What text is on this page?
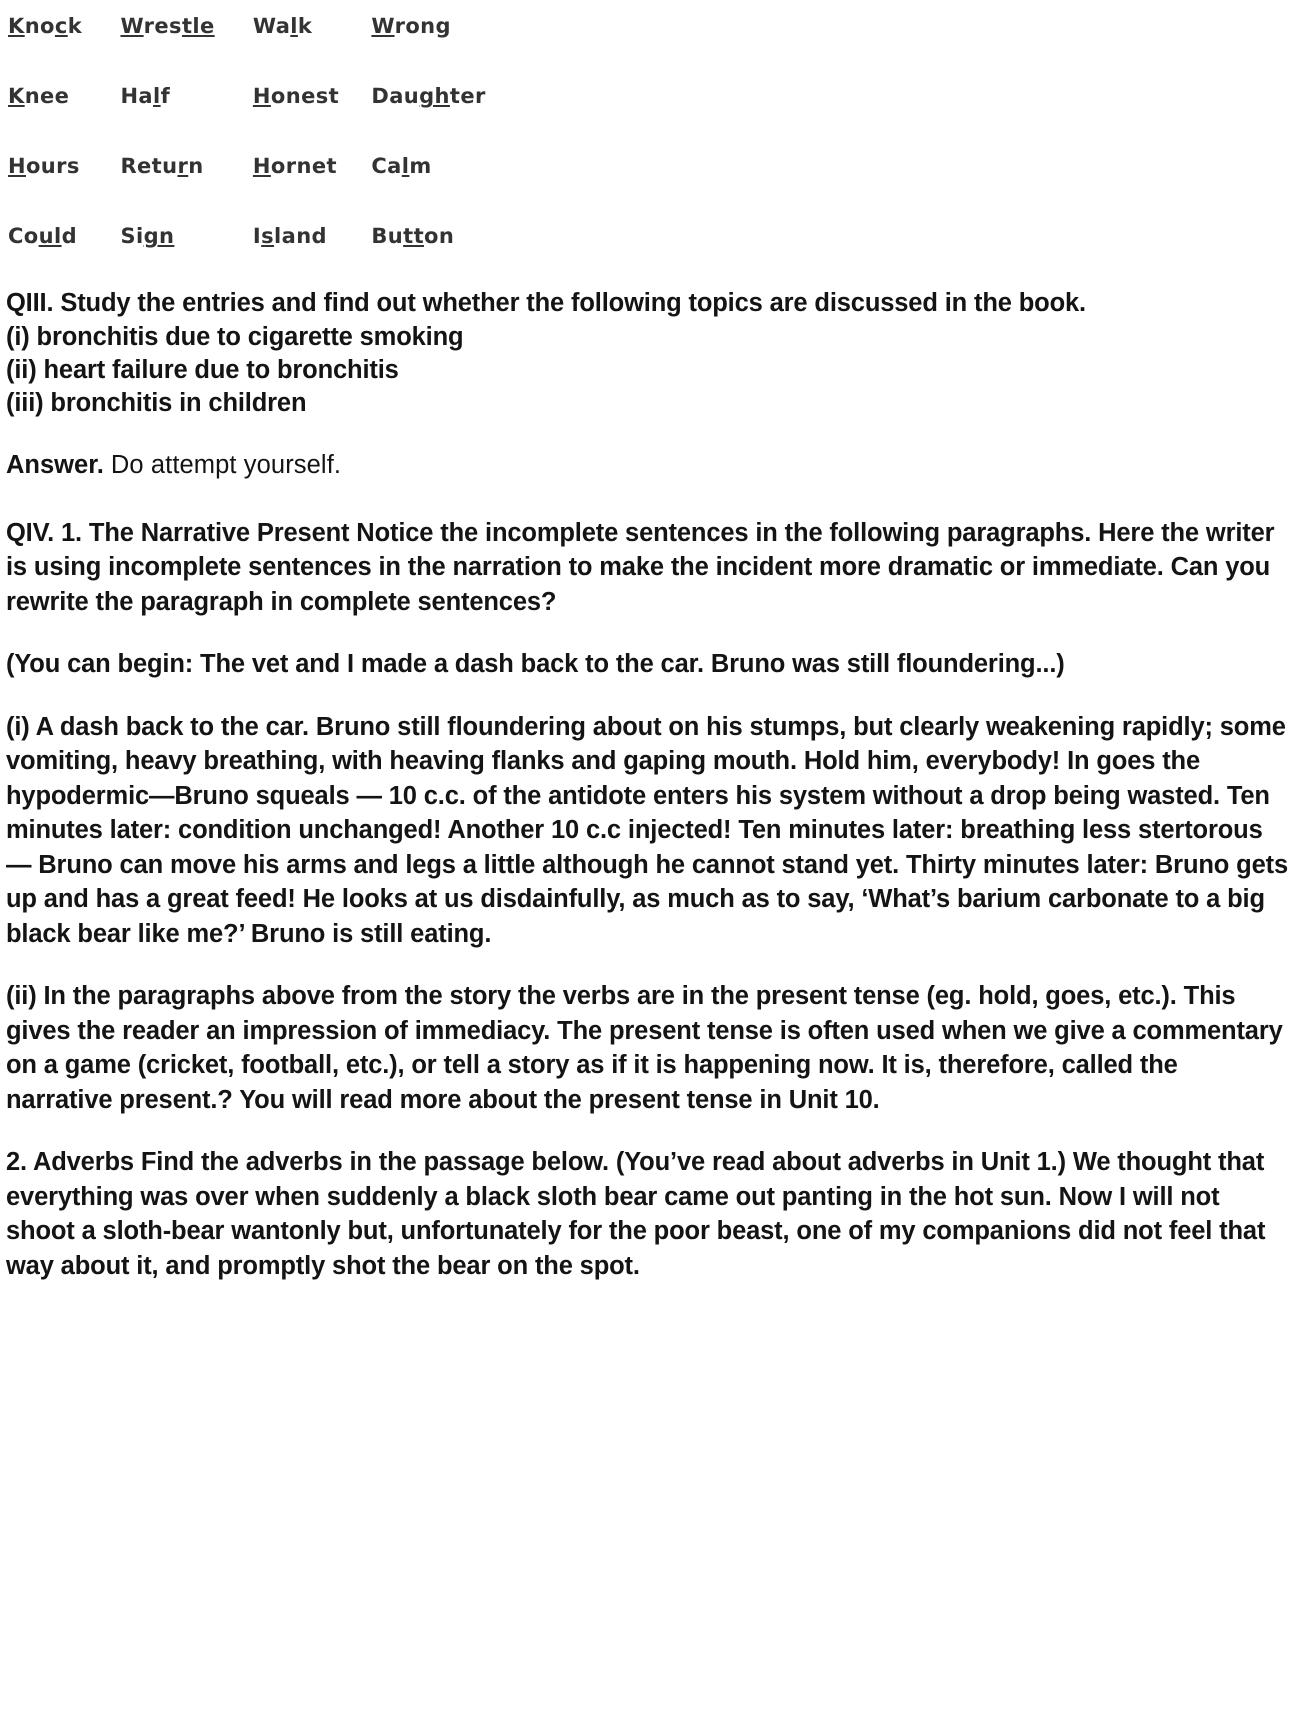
Knock Wrestle Walk	Wrong
Knee Half	Honest Daughter
Hours Return Hornet Calm
Could Sign	Island Button

QIII. Study the entries and find out whether the following topics are discussed in the book.

(i) bronchitis due to cigarette smoking

(ii) heart failure due to bronchitis

(iii) bronchitis in children

Answer. Do attempt yourself.

QIV. 1. The Narrative Present Notice the incomplete sentences in the following paragraphs. Here the writer is using incomplete sentences in the narration to make the incident more dramatic or immediate. Can you rewrite the paragraph in complete sentences?

(You can begin: The vet and I made a dash back to the car. Bruno was still floundering...)

(i) A dash back to the car. Bruno still floundering about on his stumps, but clearly weakening rapidly; some vomiting, heavy breathing, with heaving flanks and gaping mouth. Hold him, everybody! In goes the hypodermic—Bruno squeals — 10 c.c. of the antidote enters his system without a drop being wasted. Ten minutes later: condition unchanged! Another 10 c.c injected! Ten minutes later: breathing less stertorous — Bruno can move his arms and legs a little although he cannot stand yet. Thirty minutes later: Bruno gets up and has a great feed! He looks at us disdainfully, as much as to say, ‘What’s barium carbonate to a big black bear like me?’ Bruno is still eating.

(ii) In the paragraphs above from the story the verbs are in the present tense (eg. hold, goes, etc.). This gives the reader an impression of immediacy. The present tense is often used when we give a commentary on a game (cricket, football, etc.), or tell a story as if it is happening now. It is, therefore, called the narrative present.? You will read more about the present tense in Unit 10.

2. Adverbs Find the adverbs in the passage below. (You’ve read about adverbs in Unit 1.) We thought that everything was over when suddenly a black sloth bear came out panting in the hot sun. Now I will not shoot a sloth-bear wantonly but, unfortunately for the poor beast, one of my companions did not feel that way about it, and promptly shot the bear on the spot.
